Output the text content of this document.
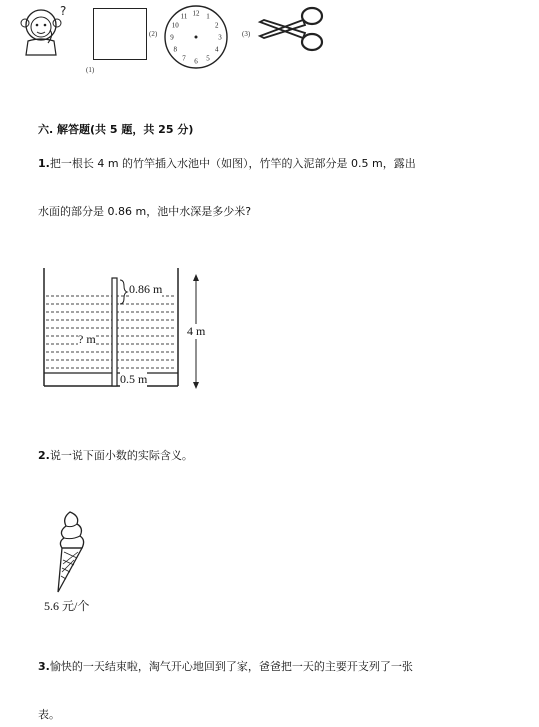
?
(1)
(2)
12 1
2
3
4
5
6
7
8
9
10
11
(3)
六. 解答题(共 5 题，共 25 分)
1.把一根长 4 m 的竹竿插入水池中（如图），竹竿的入泥部分是 0.5 m，露出
水面的部分是 0.86 m，池中水深是多少米?
0.86 m
4 m
? m
0.5 m
2.说一说下面小数的实际含义。
5.6 元/个
3.愉快的一天结束啦，淘气开心地回到了家，爸爸把一天的主要开支列了一张
表。
